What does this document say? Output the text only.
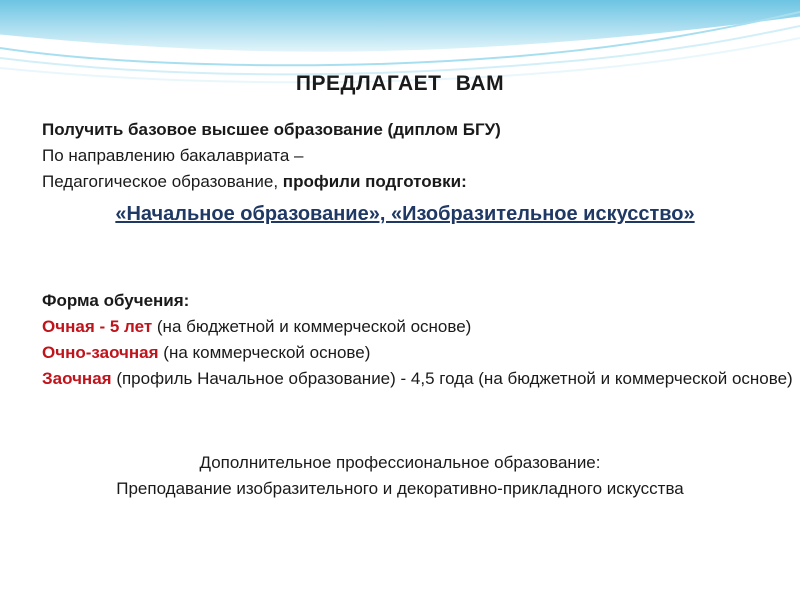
ПРЕДЛАГАЕТ ВАМ
Получить базовое высшее образование (диплом БГУ)
По направлению бакалавриата –
Педагогическое образование, профили подготовки:
«Начальное образование», «Изобразительное искусство»
Форма обучения:
Очная - 5 лет (на бюджетной и коммерческой основе)
Очно-заочная (на коммерческой основе)
Заочная (профиль Начальное образование) - 4,5 года (на бюджетной и коммерческой основе)
Дополнительное профессиональное образование:
Преподавание изобразительного и декоративно-прикладного искусства
